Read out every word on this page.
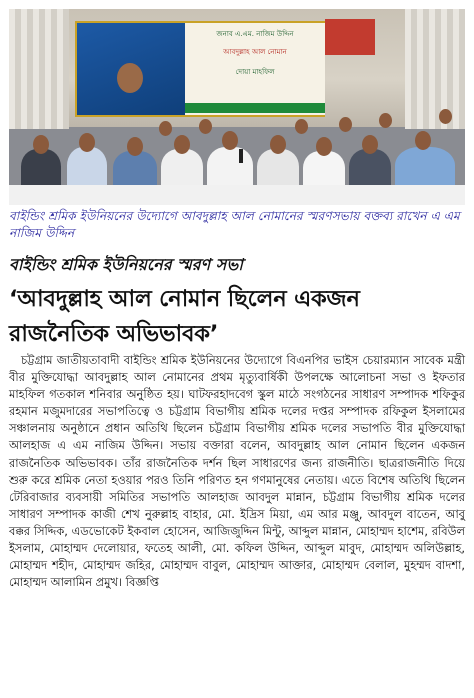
জনাব এ.এম. নাজিম উদ্দিন
আবদুল্লাহ আল নোমান
দোয়া মাহফিল

বাইন্ডিং শ্রমিক ইউনিয়নের উদ্যোগে আবদুল্লাহ আল নোমানের স্মরণসভায় বক্তব্য রাখেন এ এম নাজিম উদ্দিন

বাইন্ডিং শ্রমিক ইউনিয়নের স্মরণ সভা

‘আবদুল্লাহ আল নোমান ছিলেন একজন রাজনৈতিক অভিভাবক’

চট্টগ্রাম জাতীয়তাবাদী বাইন্ডিং শ্রমিক ইউনিয়নের উদ্যোগে বিএনপির ভাইস চেয়ারম্যান সাবেক মন্ত্রী বীর মুক্তিযোদ্ধা আবদুল্লাহ আল নোমানের প্রথম মৃত্যুবার্ষিকী উপলক্ষে আলোচনা সভা ও ইফতার মাহফিল গতকাল শনিবার অনুষ্ঠিত হয়। ঘাটফরহাদবেগ স্কুল মাঠে সংগঠনের সাধারণ সম্পাদক শফিকুর রহমান মজুমদারের সভাপতিত্বে ও চট্টগ্রাম বিভাগীয় শ্রমিক দলের দপ্তর সম্পাদক রফিকুল ইসলামের সঞ্চালনায় অনুষ্ঠানে প্রধান অতিথি ছিলেন চট্টগ্রাম বিভাগীয় শ্রমিক দলের সভাপতি বীর মুক্তিযোদ্ধা আলহাজ এ এম নাজিম উদ্দিন। সভায় বক্তারা বলেন, আবদুল্লাহ আল নোমান ছিলেন একজন রাজনৈতিক অভিভাবক। তাঁর রাজনৈতিক দর্শন ছিল সাধারণের জন্য রাজনীতি। ছাত্ররাজনীতি দিয়ে শুরু করে শ্রমিক নেতা হওয়ার পরও তিনি পরিণত হন গণমানুষের নেতায়। এতে বিশেষ অতিথি ছিলেন টেরিবাজার ব্যবসায়ী সমিতির সভাপতি আলহাজ আবদুল মান্নান, চট্টগ্রাম বিভাগীয় শ্রমিক দলের সাধারণ সম্পাদক কাজী শেখ নুরুল্লাহ বাহার, মো. ইদ্রিস মিয়া, এম আর মঞ্জু, আবদুল বাতেন, আবু বক্কর সিদ্দিক, এডভোকেট ইকবাল হোসেন, আজিজুদ্দিন মিন্টু, আব্দুল মান্নান, মোহাম্মদ হাশেম, রবিউল ইসলাম, মোহাম্মদ দেলোয়ার, ফতেহ আলী, মো. কফিল উদ্দিন, আব্দুল মাবুদ, মোহাম্মদ অলিউল্লাহ, মোহাম্মদ শহীদ, মোহাম্মদ জহির, মোহাম্মদ বাবুল, মোহাম্মদ আক্তার, মোহাম্মদ বেলাল, মুহম্মদ বাদশা, মোহাম্মদ আলামিন প্রমুখ। বিজ্ঞপ্তি
